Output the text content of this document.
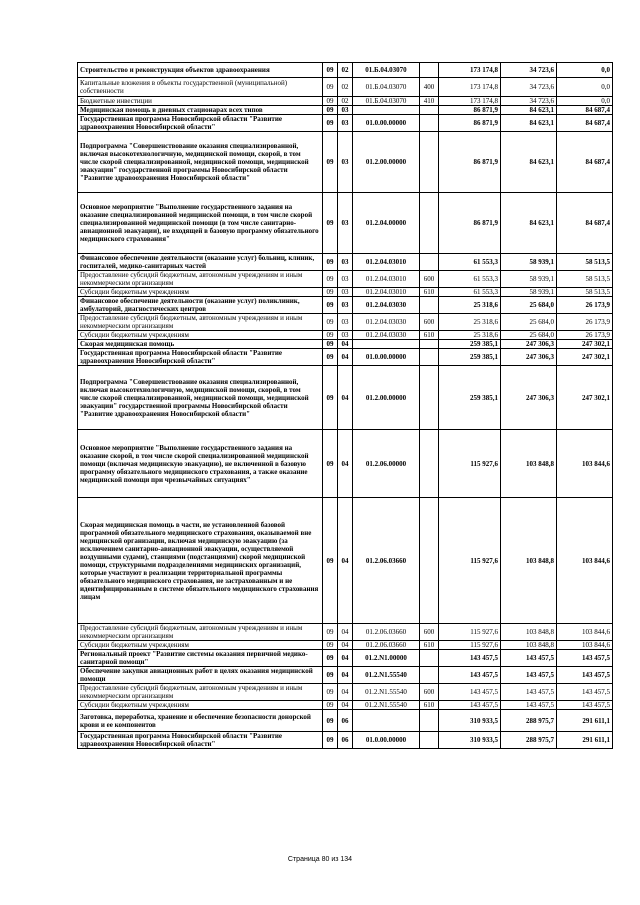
Строительство и реконструкция объектов здравоохранения	09	02	01.Б.04.03070		173 174,8	34 723,6	0,0
Капитальные вложения в объекты государственной (муниципальной) собственности	09	02	01.Б.04.03070	400	173 174,8	34 723,6	0,0
Бюджетные инвестиции	09	02	01.Б.04.03070	410	173 174,8	34 723,6	0,0
Медицинская помощь в дневных стационарах всех типов	09	03			86 871,9	84 623,1	84 687,4
Государственная программа Новосибирской области "Развитие здравоохранения Новосибирской области"	09	03	01.0.00.00000		86 871,9	84 623,1	84 687,4
Подпрограмма "Совершенствование оказания специализированной, включая высокотехнологичную, медицинской помощи, скорой, в том числе скорой специализированной, медицинской помощи, медицинской эвакуации" государственной программы Новосибирской области "Развитие здравоохранения Новосибирской области"	09	03	01.2.00.00000		86 871,9	84 623,1	84 687,4
Основное мероприятие "Выполнение государственного задания на оказание специализированной медицинской помощи, в том числе скорой специализированной медицинской помощи (в том числе санитарно-авиационной эвакуации), не входящей в базовую программу обязательного медицинского страхования"	09	03	01.2.04.00000		86 871,9	84 623,1	84 687,4
Финансовое обеспечение деятельности (оказание услуг) больниц, клиник, госпиталей, медико-санитарных частей	09	03	01.2.04.03010		61 553,3	58 939,1	58 513,5
Предоставление субсидий бюджетным, автономным учреждениям и иным некоммерческим организациям	09	03	01.2.04.03010	600	61 553,3	58 939,1	58 513,5
Субсидии бюджетным учреждениям	09	03	01.2.04.03010	610	61 553,3	58 939,1	58 513,5
Финансовое обеспечение деятельности (оказание услуг) поликлиник, амбулаторий, диагностических центров	09	03	01.2.04.03030		25 318,6	25 684,0	26 173,9
Предоставление субсидий бюджетным, автономным учреждениям и иным некоммерческим организациям	09	03	01.2.04.03030	600	25 318,6	25 684,0	26 173,9
Субсидии бюджетным учреждениям	09	03	01.2.04.03030	610	25 318,6	25 684,0	26 173,9
Скорая медицинская помощь	09	04			259 385,1	247 306,3	247 302,1
Государственная программа Новосибирской области "Развитие здравоохранения Новосибирской области"	09	04	01.0.00.00000		259 385,1	247 306,3	247 302,1
Подпрограмма "Совершенствование оказания специализированной, включая высокотехнологичную, медицинской помощи, скорой, в том числе скорой специализированной, медицинской помощи, медицинской эвакуации" государственной программы Новосибирской области "Развитие здравоохранения Новосибирской области"	09	04	01.2.00.00000		259 385,1	247 306,3	247 302,1
Основное мероприятие "Выполнение государственного задания на оказание скорой, в том числе скорой специализированной медицинской помощи (включая медицинскую эвакуацию), не включенной в базовую программу обязательного медицинского страхования, а также оказание медицинской помощи при чрезвычайных ситуациях"	09	04	01.2.06.00000		115 927,6	103 848,8	103 844,6
Скорая медицинская помощь в части, не установленной базовой программой обязательного медицинского страхования, оказываемой вне медицинской организации, включая медицинскую эвакуацию (за исключением санитарно-авиационной эвакуации, осуществляемой воздушными судами), станциями (подстанциями) скорой медицинской помощи, структурными подразделениями медицинских организаций, которые участвуют в реализации территориальной программы обязательного медицинского страхования, не застрахованным и не идентифицированным в системе обязательного медицинского страхования лицам	09	04	01.2.06.03660		115 927,6	103 848,8	103 844,6
Предоставление субсидий бюджетным, автономным учреждениям и иным некоммерческим организациям	09	04	01.2.06.03660	600	115 927,6	103 848,8	103 844,6
Субсидии бюджетным учреждениям	09	04	01.2.06.03660	610	115 927,6	103 848,8	103 844,6
Региональный проект "Развитие системы оказания первичной медико-санитарной помощи"	09	04	01.2.N1.00000		143 457,5	143 457,5	143 457,5
Обеспечение закупки авиационных работ в целях оказания медицинской помощи	09	04	01.2.N1.55540		143 457,5	143 457,5	143 457,5
Предоставление субсидий бюджетным, автономным учреждениям и иным некоммерческим организациям	09	04	01.2.N1.55540	600	143 457,5	143 457,5	143 457,5
Субсидии бюджетным учреждениям	09	04	01.2.N1.55540	610	143 457,5	143 457,5	143 457,5
Заготовка, переработка, хранение и обеспечение безопасности донорской крови и ее компонентов	09	06			310 933,5	288 975,7	291 611,1
Государственная программа Новосибирской области "Развитие здравоохранения Новосибирской области"	09	06	01.0.00.00000		310 933,5	288 975,7	291 611,1
Страница 80 из 134
